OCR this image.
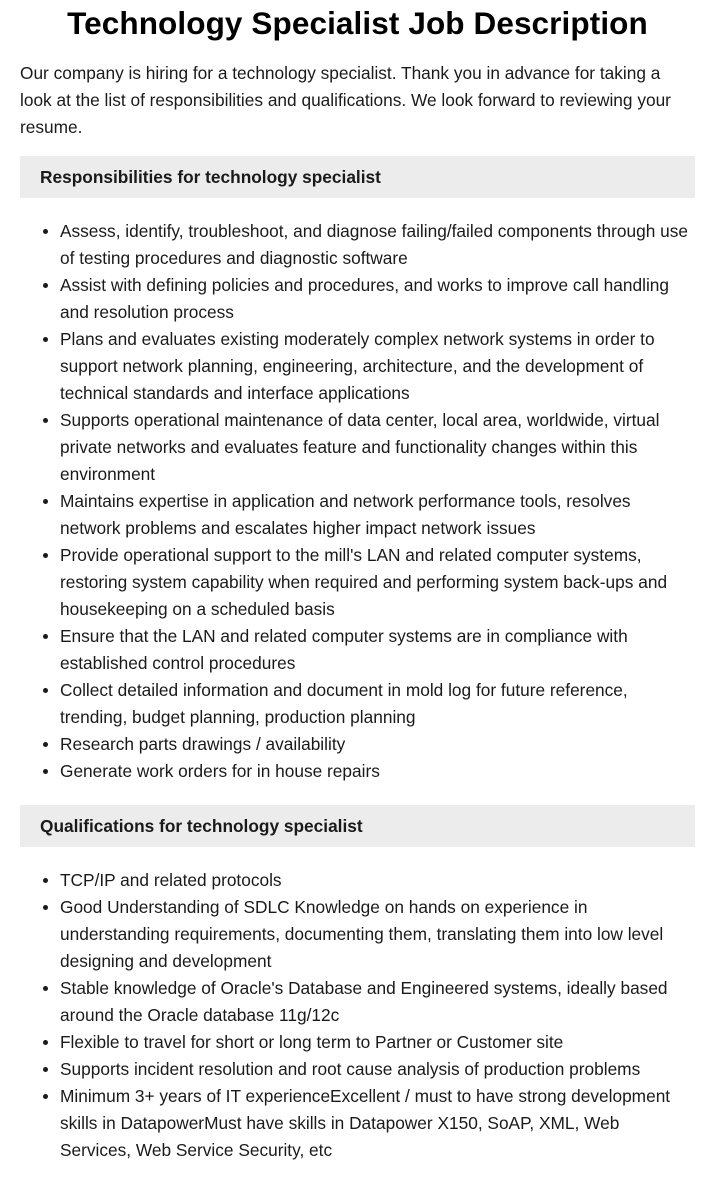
Technology Specialist Job Description

Our company is hiring for a technology specialist. Thank you in advance for taking a look at the list of responsibilities and qualifications. We look forward to reviewing your resume.

Responsibilities for technology specialist
Assess, identify, troubleshoot, and diagnose failing/failed components through use of testing procedures and diagnostic software
Assist with defining policies and procedures, and works to improve call handling and resolution process
Plans and evaluates existing moderately complex network systems in order to support network planning, engineering, architecture, and the development of technical standards and interface applications
Supports operational maintenance of data center, local area, worldwide, virtual private networks and evaluates feature and functionality changes within this environment
Maintains expertise in application and network performance tools, resolves network problems and escalates higher impact network issues
Provide operational support to the mill's LAN and related computer systems, restoring system capability when required and performing system back-ups and housekeeping on a scheduled basis
Ensure that the LAN and related computer systems are in compliance with established control procedures
Collect detailed information and document in mold log for future reference, trending, budget planning, production planning
Research parts drawings / availability
Generate work orders for in house repairs
Qualifications for technology specialist
TCP/IP and related protocols
Good Understanding of SDLC Knowledge on hands on experience in understanding requirements, documenting them, translating them into low level designing and development
Stable knowledge of Oracle's Database and Engineered systems, ideally based around the Oracle database 11g/12c
Flexible to travel for short or long term to Partner or Customer site
Supports incident resolution and root cause analysis of production problems
Minimum 3+ years of IT experienceExcellent / must to have strong development skills in DatapowerMust have skills in Datapower X150, SoAP, XML, Web Services, Web Service Security, etc
